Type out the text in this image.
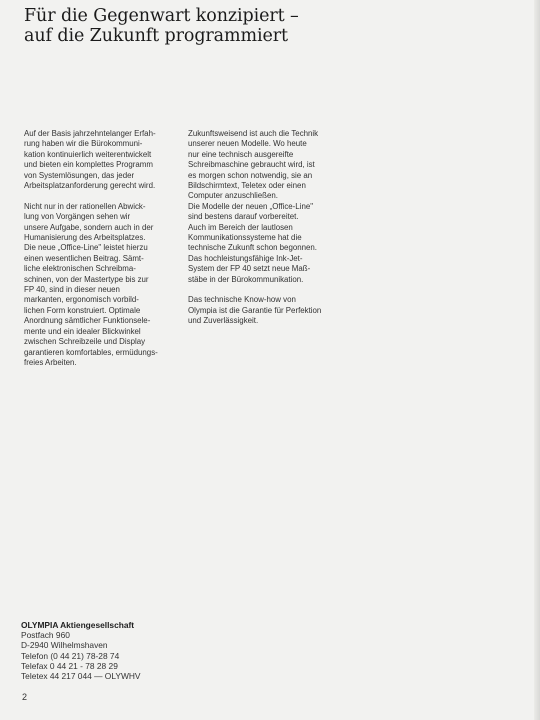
Für die Gegenwart konzipiert –
auf die Zukunft programmiert

Auf der Basis jahrzehntelanger Erfah-
rung haben wir die Bürokommuni-
kation kontinuierlich weiterentwickelt
und bieten ein komplettes Programm
von Systemlösungen, das jeder
Arbeitsplatzanforderung gerecht wird.

Nicht nur in der rationellen Abwick-
lung von Vorgängen sehen wir
unsere Aufgabe, sondern auch in der
Humanisierung des Arbeitsplatzes.
Die neue „Office-Line" leistet hierzu
einen wesentlichen Beitrag. Sämt-
liche elektronischen Schreibma-
schinen, von der Mastertype bis zur
FP 40, sind in dieser neuen
markanten, ergonomisch vorbild-
lichen Form konstruiert. Optimale
Anordnung sämtlicher Funktionsele-
mente und ein idealer Blickwinkel
zwischen Schreibzeile und Display
garantieren komfortables, ermüdungs-
freies Arbeiten.

Zukunftsweisend ist auch die Technik
unserer neuen Modelle. Wo heute
nur eine technisch ausgereifte
Schreibmaschine gebraucht wird, ist
es morgen schon notwendig, sie an
Bildschirmtext, Teletex oder einen
Computer anzuschließen.
Die Modelle der neuen „Office-Line"
sind bestens darauf vorbereitet.
Auch im Bereich der lautlosen
Kommunikationssysteme hat die
technische Zukunft schon begonnen.
Das hochleistungsfähige Ink-Jet-
System der FP 40 setzt neue Maß-
stäbe in der Bürokommunikation.

Das technische Know-how von
Olympia ist die Garantie für Perfektion
und Zuverlässigkeit.

OLYMPIA Aktiengesellschaft
Postfach 960
D-2940 Wilhelmshaven
Telefon (0 44 21) 78-28 74
Telefax 0 44 21 - 78 28 29
Teletex 44 217 044 — OLYWHV
2
